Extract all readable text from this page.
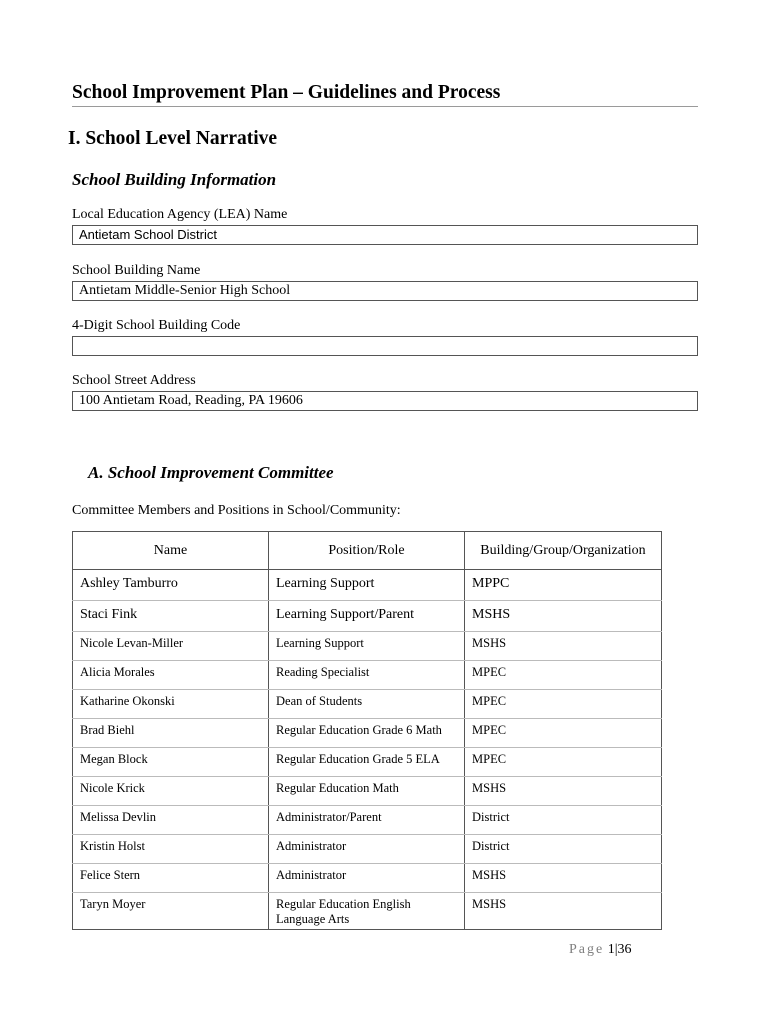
School Improvement Plan – Guidelines and Process
I. School Level Narrative
School Building Information
Local Education Agency (LEA) Name
Antietam School District
School Building Name
Antietam Middle-Senior High School
4-Digit School Building Code
School Street Address
100 Antietam Road, Reading, PA 19606
A. School Improvement Committee
Committee Members and Positions in School/Community:
Name	Position/Role	Building/Group/Organization
Ashley Tamburro	Learning Support	MPPC
Staci Fink	Learning Support/Parent	MSHS
Nicole Levan-Miller	Learning Support	MSHS
Alicia Morales	Reading Specialist	MPEC
Katharine Okonski	Dean of Students	MPEC
Brad Biehl	Regular Education Grade 6 Math	MPEC
Megan Block	Regular Education Grade 5 ELA	MPEC
Nicole Krick	Regular Education Math	MSHS
Melissa Devlin	Administrator/Parent	District
Kristin Holst	Administrator	District
Felice Stern	Administrator	MSHS
Taryn Moyer	Regular Education English Language Arts	MSHS
Page 1|36
